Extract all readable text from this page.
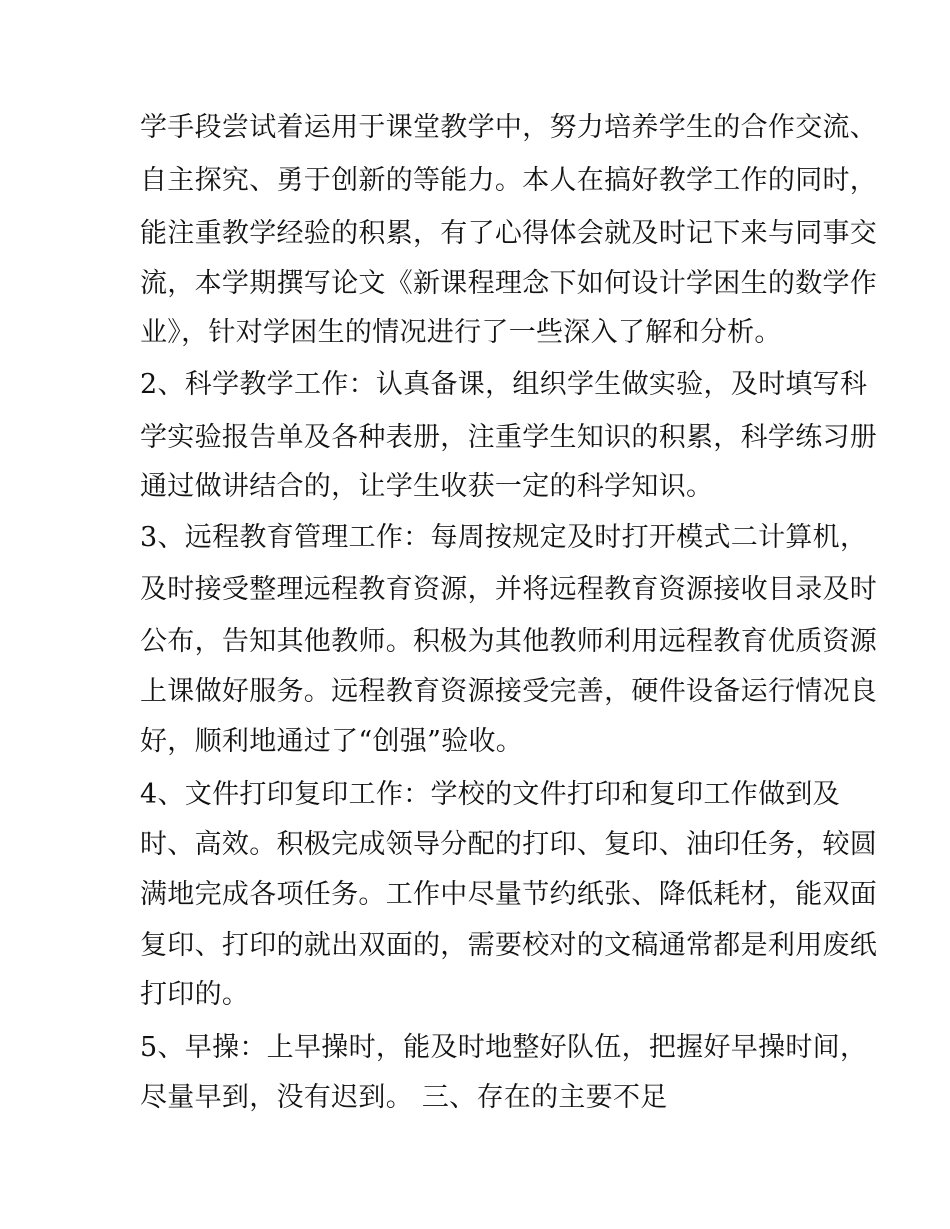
学手段尝试着运用于课堂教学中，努力培养学生的合作交流、
自主探究、勇于创新的等能力。本人在搞好教学工作的同时，
能注重教学经验的积累，有了心得体会就及时记下来与同事交
流，本学期撰写论文《新课程理念下如何设计学困生的数学作
业》，针对学困生的情况进行了一些深入了解和分析。
2、科学教学工作：认真备课，组织学生做实验，及时填写科
学实验报告单及各种表册，注重学生知识的积累，科学练习册
通过做讲结合的，让学生收获一定的科学知识。
3、远程教育管理工作：每周按规定及时打开模式二计算机，
及时接受整理远程教育资源，并将远程教育资源接收目录及时
公布，告知其他教师。积极为其他教师利用远程教育优质资源
上课做好服务。远程教育资源接受完善，硬件设备运行情况良
好，顺利地通过了“创强”验收。
4、文件打印复印工作：学校的文件打印和复印工作做到及
时、高效。积极完成领导分配的打印、复印、油印任务，较圆
满地完成各项任务。工作中尽量节约纸张、降低耗材，能双面
复印、打印的就出双面的，需要校对的文稿通常都是利用废纸
打印的。
5、早操：上早操时，能及时地整好队伍，把握好早操时间，
尽量早到，没有迟到。 三、存在的主要不足
